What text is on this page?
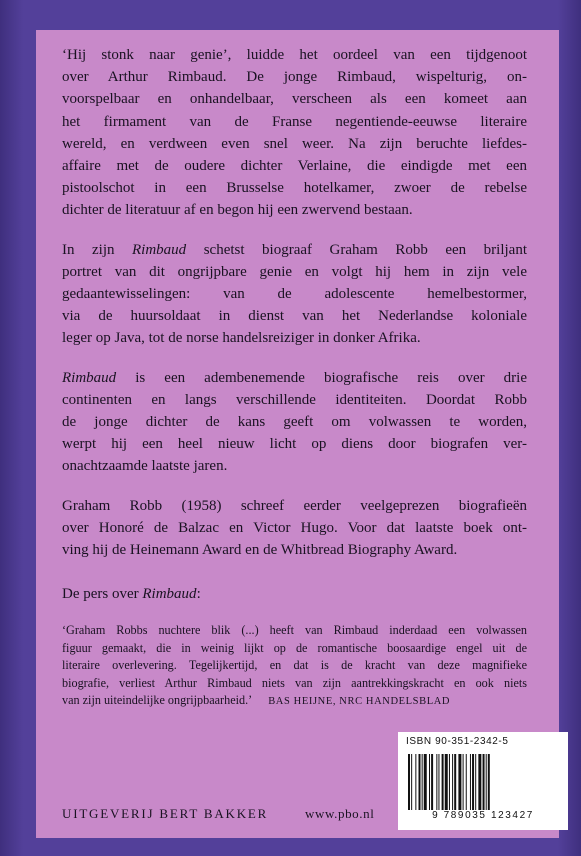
‘Hij stonk naar genie’, luidde het oordeel van een tijdgenoot
over Arthur Rimbaud. De jonge Rimbaud, wispelturig, on-
voorspelbaar en onhandelbaar, verscheen als een komeet aan
het firmament van de Franse negentiende-eeuwse literaire
wereld, en verdween even snel weer. Na zijn beruchte liefdes-
affaire met de oudere dichter Verlaine, die eindigde met een
pistoolschot in een Brusselse hotelkamer, zwoer de rebelse
dichter de literatuur af en begon hij een zwervend bestaan.

In zijn Rimbaud schetst biograaf Graham Robb een briljant
portret van dit ongrijpbare genie en volgt hij hem in zijn vele
gedaantewisselingen: van de adolescente hemelbestormer,
via de huursoldaat in dienst van het Nederlandse koloniale
leger op Java, tot de norse handelsreiziger in donker Afrika.

Rimbaud is een adembenemende biografische reis over drie
continenten en langs verschillende identiteiten. Doordat Robb
de jonge dichter de kans geeft om volwassen te worden,
werpt hij een heel nieuw licht op diens door biografen ver-
onachtzaamde laatste jaren.

Graham Robb (1958) schreef eerder veelgeprezen biografieën
over Honoré de Balzac en Victor Hugo. Voor dat laatste boek ont-
ving hij de Heinemann Award en de Whitbread Biography Award.

De pers over Rimbaud:
‘Graham Robbs nuchtere blik (...) heeft van Rimbaud inderdaad een volwassen
figuur gemaakt, die in weinig lijkt op de romantische boosaardige engel uit de
literaire overlevering. Tegelijkertijd, en dat is de kracht van deze magnifieke
biografie, verliest Arthur Rimbaud niets van zijn aantrekkingskracht en ook niets
van zijn uiteindelijke ongrijpbaarheid.’ BAS HEIJNE, NRC HANDELSBLAD
ISBN 90-351-2342-5
9 789035 123427
UITGEVERIJ BERT BAKKER	www.pbo.nl
